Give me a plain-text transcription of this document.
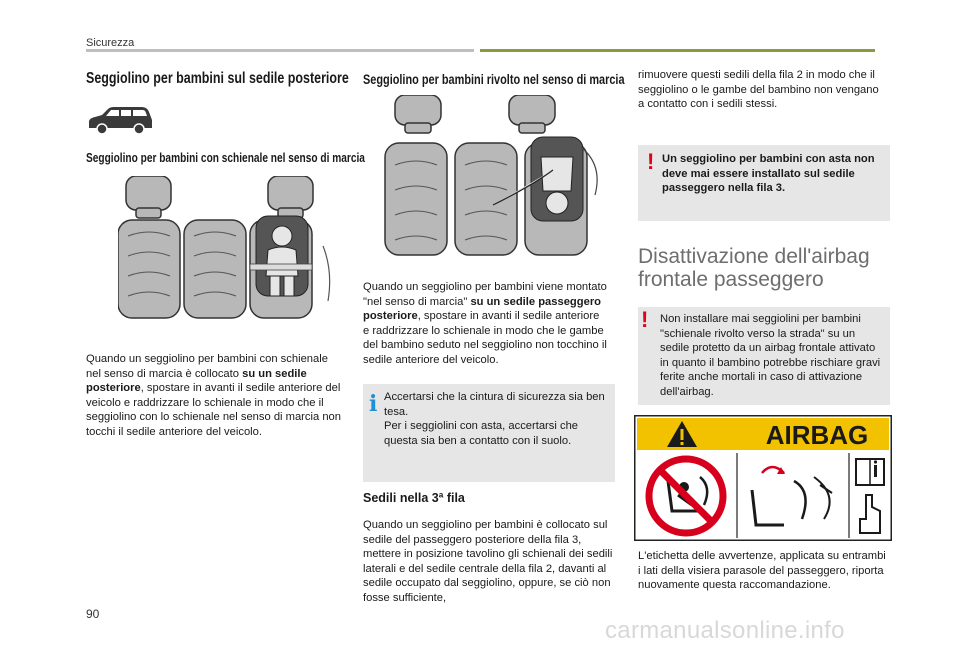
Sicurezza
Seggiolino per bambini sul sedile posteriore
Seggiolino per bambini con schienale nel senso di marcia
Quando un seggiolino per bambini con schienale nel senso di marcia è collocato su un sedile posteriore, spostare in avanti il sedile anteriore del veicolo e raddrizzare lo schienale in modo che il seggiolino con lo schienale nel senso di marcia non tocchi il sedile anteriore del veicolo.
Seggiolino per bambini rivolto nel senso di marcia
Quando un seggiolino per bambini viene montato "nel senso di marcia" su un sedile passeggero posteriore, spostare in avanti il sedile anteriore e raddrizzare lo schienale in modo che le gambe del bambino seduto nel seggiolino non tocchino il sedile anteriore del veicolo.
i Accertarsi che la cintura di sicurezza sia ben tesa.
Per i seggiolini con asta, accertarsi che questa sia ben a contatto con il suolo.
Sedili nella 3ª fila
Quando un seggiolino per bambini è collocato sul sedile del passeggero posteriore della fila 3, mettere in posizione tavolino gli schienali dei sedili laterali e del sedile centrale della fila 2, davanti al sedile occupato dal seggiolino, oppure, se ciò non fosse sufficiente,
rimuovere questi sedili della fila 2 in modo che il seggiolino o le gambe del bambino non vengano a contatto con i sedili stessi.
! Un seggiolino per bambini con asta non deve mai essere installato sul sedile passeggero nella fila 3.
Disattivazione dell'airbag
frontale passeggero
! Non installare mai seggiolini per bambini "schienale rivolto verso la strada" su un sedile protetto da un airbag frontale attivato in quanto il bambino potrebbe rischiare gravi ferite anche mortali in caso di attivazione dell'airbag.
AIRBAG
L'etichetta delle avvertenze, applicata su entrambi i lati della visiera parasole del passeggero, riporta nuovamente questa raccomandazione.
90
carmanualsonline.info
